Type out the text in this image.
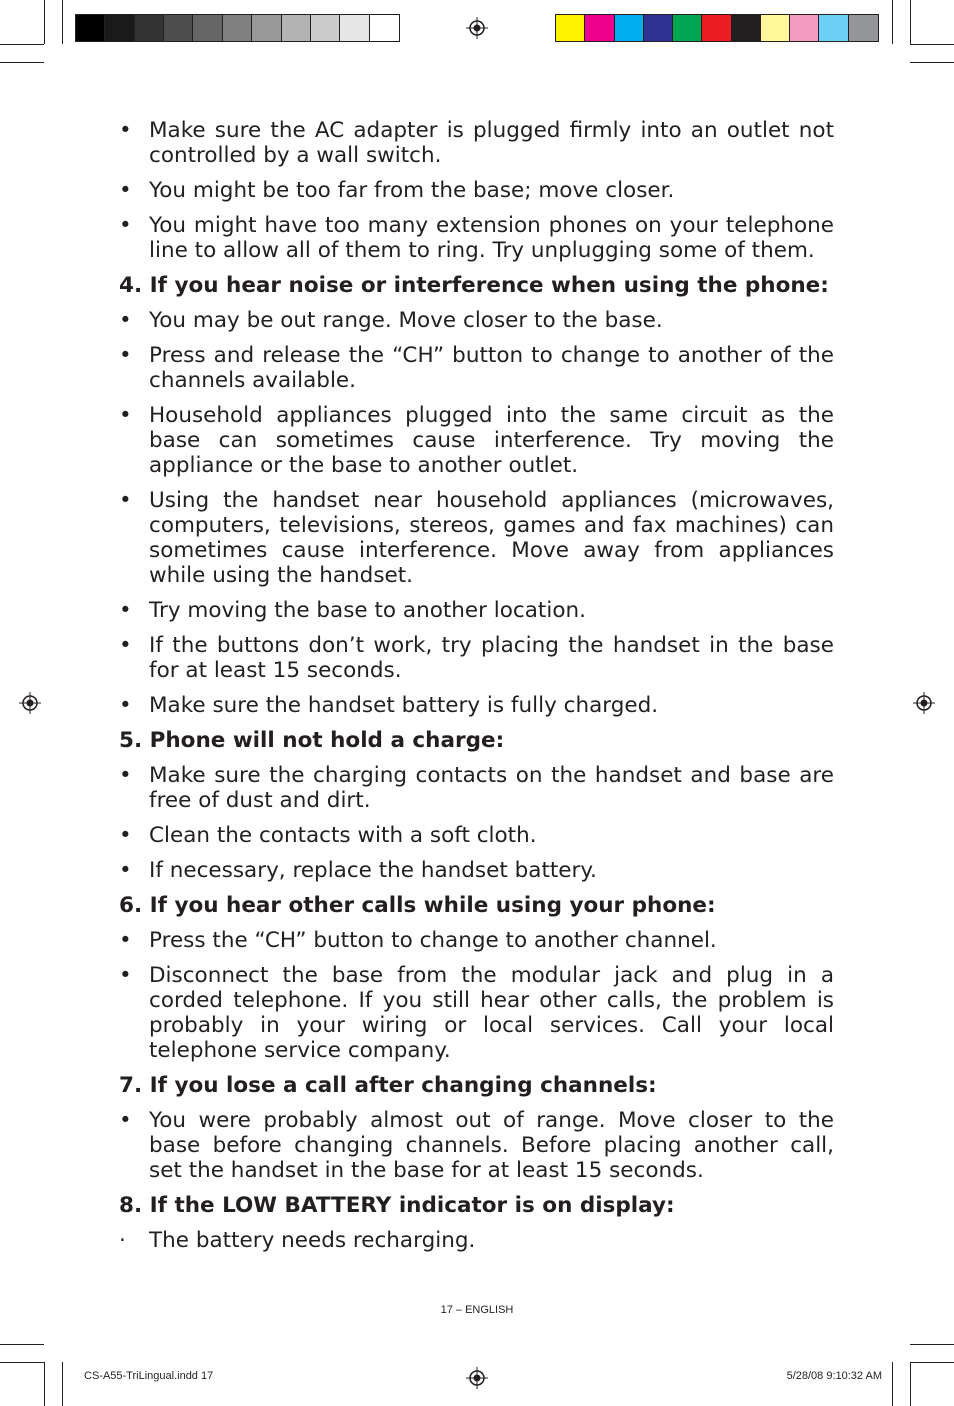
• Make sure the AC adapter is plugged firmly into an outlet not controlled by a wall switch.
• You might be too far from the base; move closer.
• You might have too many extension phones on your telephone line to allow all of them to ring. Try unplugging some of them.
4. If you hear noise or interference when using the phone:
• You may be out range. Move closer to the base.
• Press and release the “CH” button to change to another of the channels available.
• Household appliances plugged into the same circuit as the base can sometimes cause interference. Try moving the appliance or the base to another outlet.
• Using the handset near household appliances (microwaves, computers, televisions, stereos, games and fax machines) can sometimes cause interference. Move away from appliances while using the handset.
• Try moving the base to another location.
• If the buttons don’t work, try placing the handset in the base for at least 15 seconds.
• Make sure the handset battery is fully charged.
5. Phone will not hold a charge:
• Make sure the charging contacts on the handset and base are free of dust and dirt.
• Clean the contacts with a soft cloth.
• If necessary, replace the handset battery.
6. If you hear other calls while using your phone:
• Press the “CH” button to change to another channel.
• Disconnect the base from the modular jack and plug in a corded telephone. If you still hear other calls, the problem is probably in your wiring or local services. Call your local telephone service company.
7. If you lose a call after changing channels:
• You were probably almost out of range. Move closer to the base before changing channels. Before placing another call, set the handset in the base for at least 15 seconds.
8. If the LOW BATTERY indicator is on display:
· The battery needs recharging.
17 – ENGLISH
CS-A55-TriLingual.indd 17	5/28/08 9:10:32 AM
